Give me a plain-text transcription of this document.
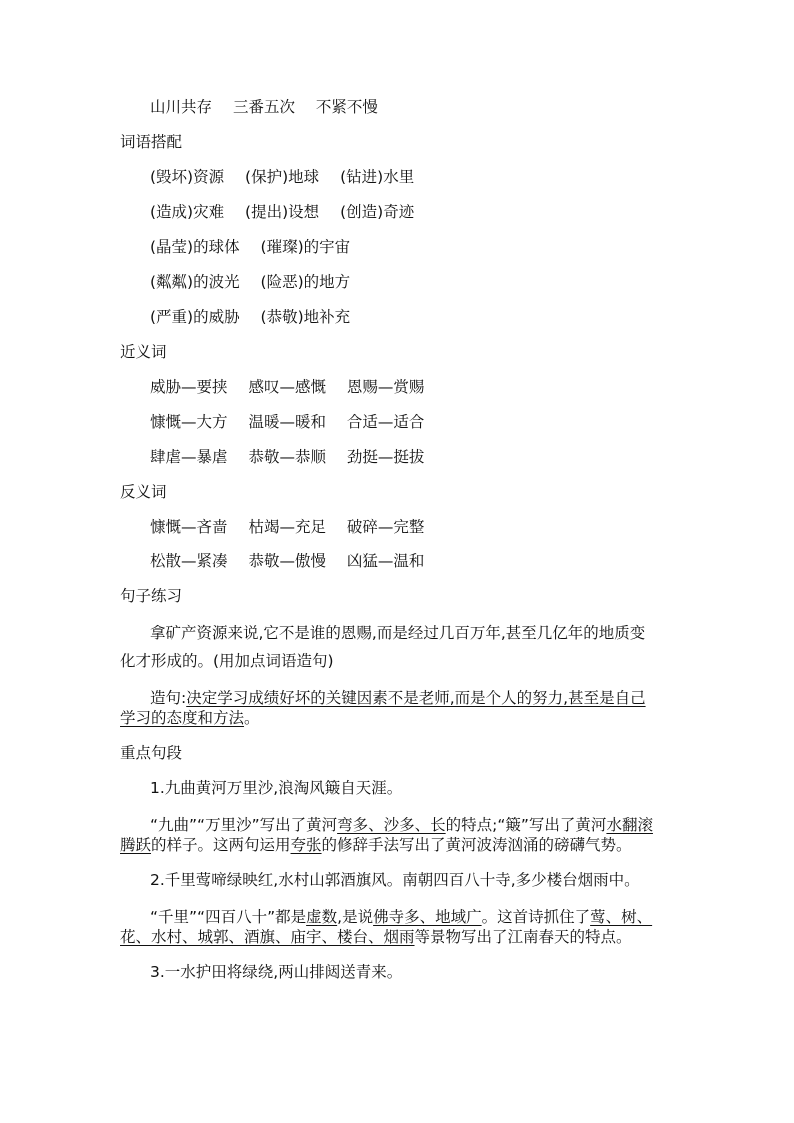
山川共存 三番五次 不紧不慢
词语搭配
(毁坏)资源 (保护)地球 (钻进)水里
(造成)灾难 (提出)设想 (创造)奇迹
(晶莹)的球体 (璀璨)的宇宙
(粼粼)的波光 (险恶)的地方
(严重)的威胁 (恭敬)地补充
近义词
威胁—要挟 感叹—感慨 恩赐—赏赐
慷慨—大方 温暖—暖和 合适—适合
肆虐—暴虐 恭敬—恭顺 劲挺—挺拔
反义词
慷慨—吝啬 枯竭—充足 破碎—完整
松散—紧凑 恭敬—傲慢 凶猛—温和
句子练习
拿矿产资源来说,它不是谁的恩赐,而是经过几百万年,甚至几亿年的地质变
化才形成的。(用加点词语造句)
造句:决定学习成绩好坏的关键因素不是老师,而是个人的努力,甚至是自己
学习的态度和方法。
重点句段
1.九曲黄河万里沙,浪淘风簸自天涯。
“九曲”“万里沙”写出了黄河弯多、沙多、长的特点;“簸”写出了黄河水翻滚
腾跃的样子。这两句运用夸张的修辞手法写出了黄河波涛汹涌的磅礴气势。
2.千里莺啼绿映红,水村山郭酒旗风。南朝四百八十寺,多少楼台烟雨中。
“千里”“四百八十”都是虚数,是说佛寺多、地域广。这首诗抓住了莺、树、
花、水村、城郭、酒旗、庙宇、楼台、烟雨等景物写出了江南春天的特点。
3.一水护田将绿绕,两山排闼送青来。
